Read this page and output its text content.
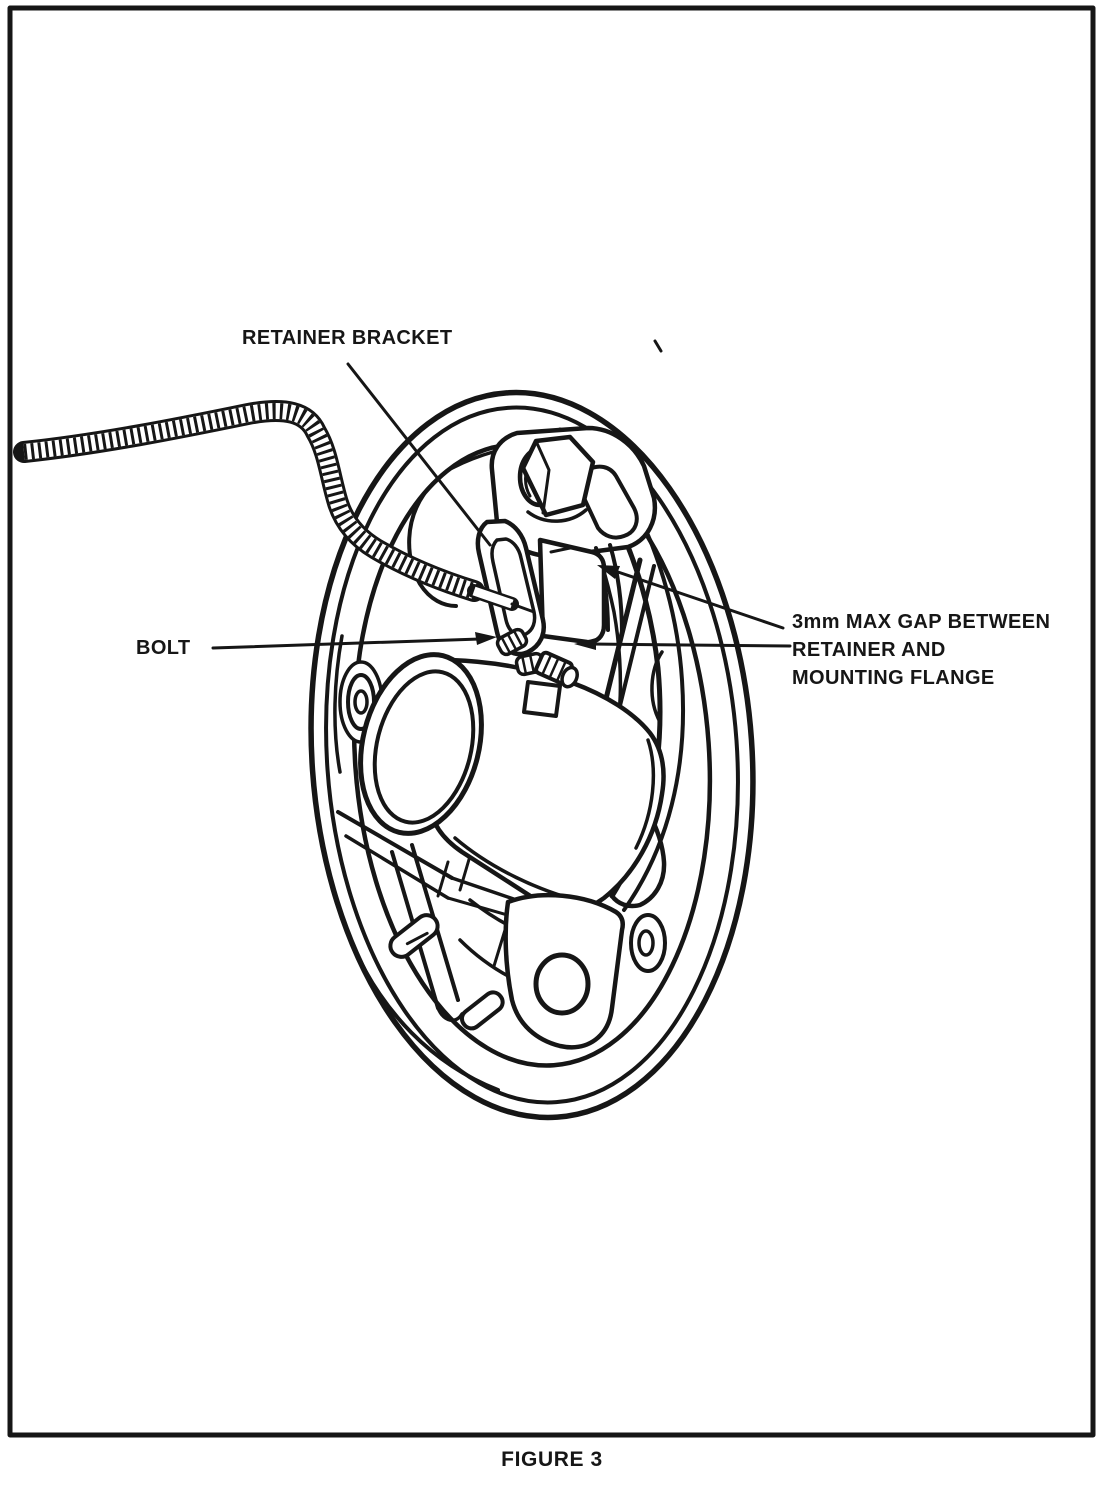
RETAINER BRACKET
BOLT
3mm MAX GAP BETWEEN
RETAINER AND
MOUNTING FLANGE
FIGURE 3
